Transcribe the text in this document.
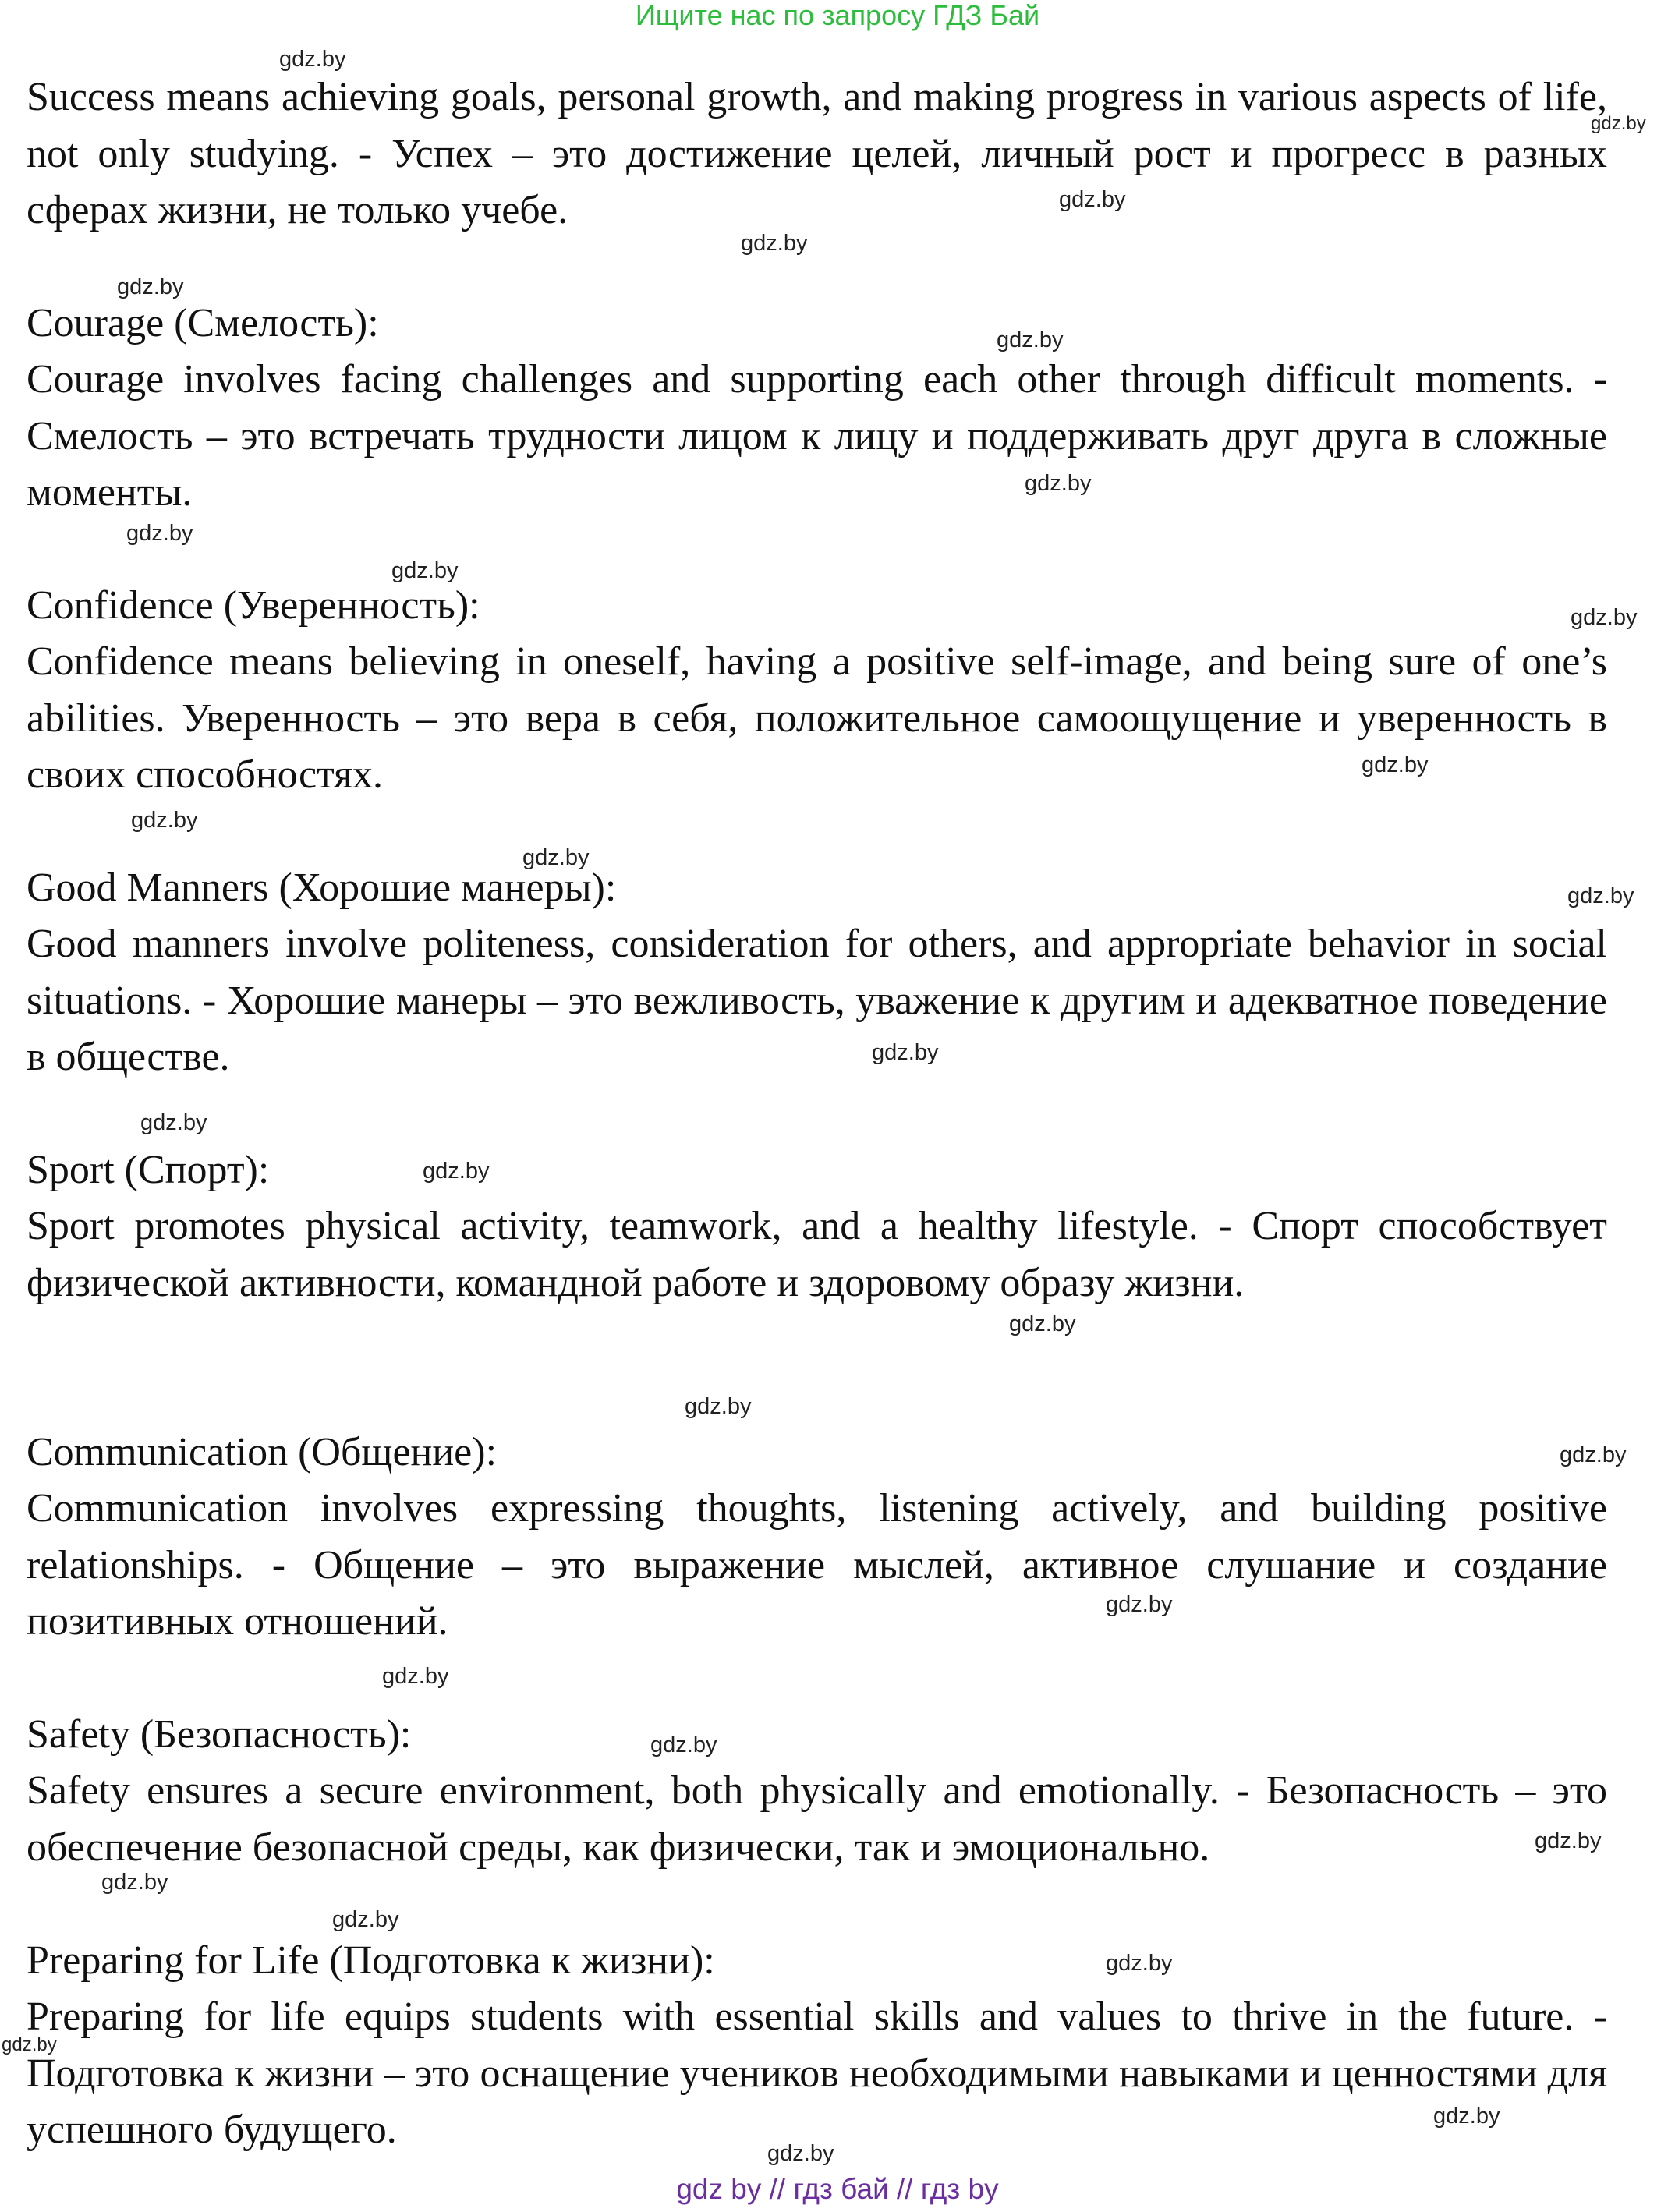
Ищите нас по запросу ГДЗ Бай

Success means achieving goals, personal growth, and making progress in various aspects of life, not only studying. - Успех – это достижение целей, личный рост и прогресс в разных сферах жизни, не только учебе.

Courage (Смелость):

Courage involves facing challenges and supporting each other through difficult moments. - Смелость – это встречать трудности лицом к лицу и поддерживать друг друга в сложные моменты.

Confidence (Уверенность):

Confidence means believing in oneself, having a positive self-image, and being sure of one’s abilities. Уверенность – это вера в себя, положительное самоощущение и уверенность в своих способностях.

Good Manners (Хорошие манеры):

Good manners involve politeness, consideration for others, and appropriate behavior in social situations. - Хорошие манеры – это вежливость, уважение к другим и адекватное поведение в обществе.

Sport (Спорт):

Sport promotes physical activity, teamwork, and a healthy lifestyle. - Спорт способствует физической активности, командной работе и здоровому образу жизни.

Communication (Общение):

Communication involves expressing thoughts, listening actively, and building positive relationships. - Общение – это выражение мыслей, активное слушание и создание позитивных отношений.

Safety (Безопасность):

Safety ensures a secure environment, both physically and emotionally. - Безопасность – это обеспечение безопасной среды, как физически, так и эмоционально.

Preparing for Life (Подготовка к жизни):

Preparing for life equips students with essential skills and values to thrive in the future. - Подготовка к жизни – это оснащение учеников необходимыми навыками и ценностями для успешного будущего.

gdz.by
gdz.by
gdz.by
gdz.by
gdz.by
gdz.by
gdz.by
gdz.by
gdz.by
gdz.by
gdz.by
gdz.by
gdz.by
gdz.by
gdz.by
gdz.by
gdz.by
gdz.by
gdz.by
gdz.by
gdz.by
gdz.by
gdz.by
gdz.by
gdz.by
gdz.by
gdz.by
gdz.by
gdz.by
gdz.by
gdz by // гдз бай // гдз by
